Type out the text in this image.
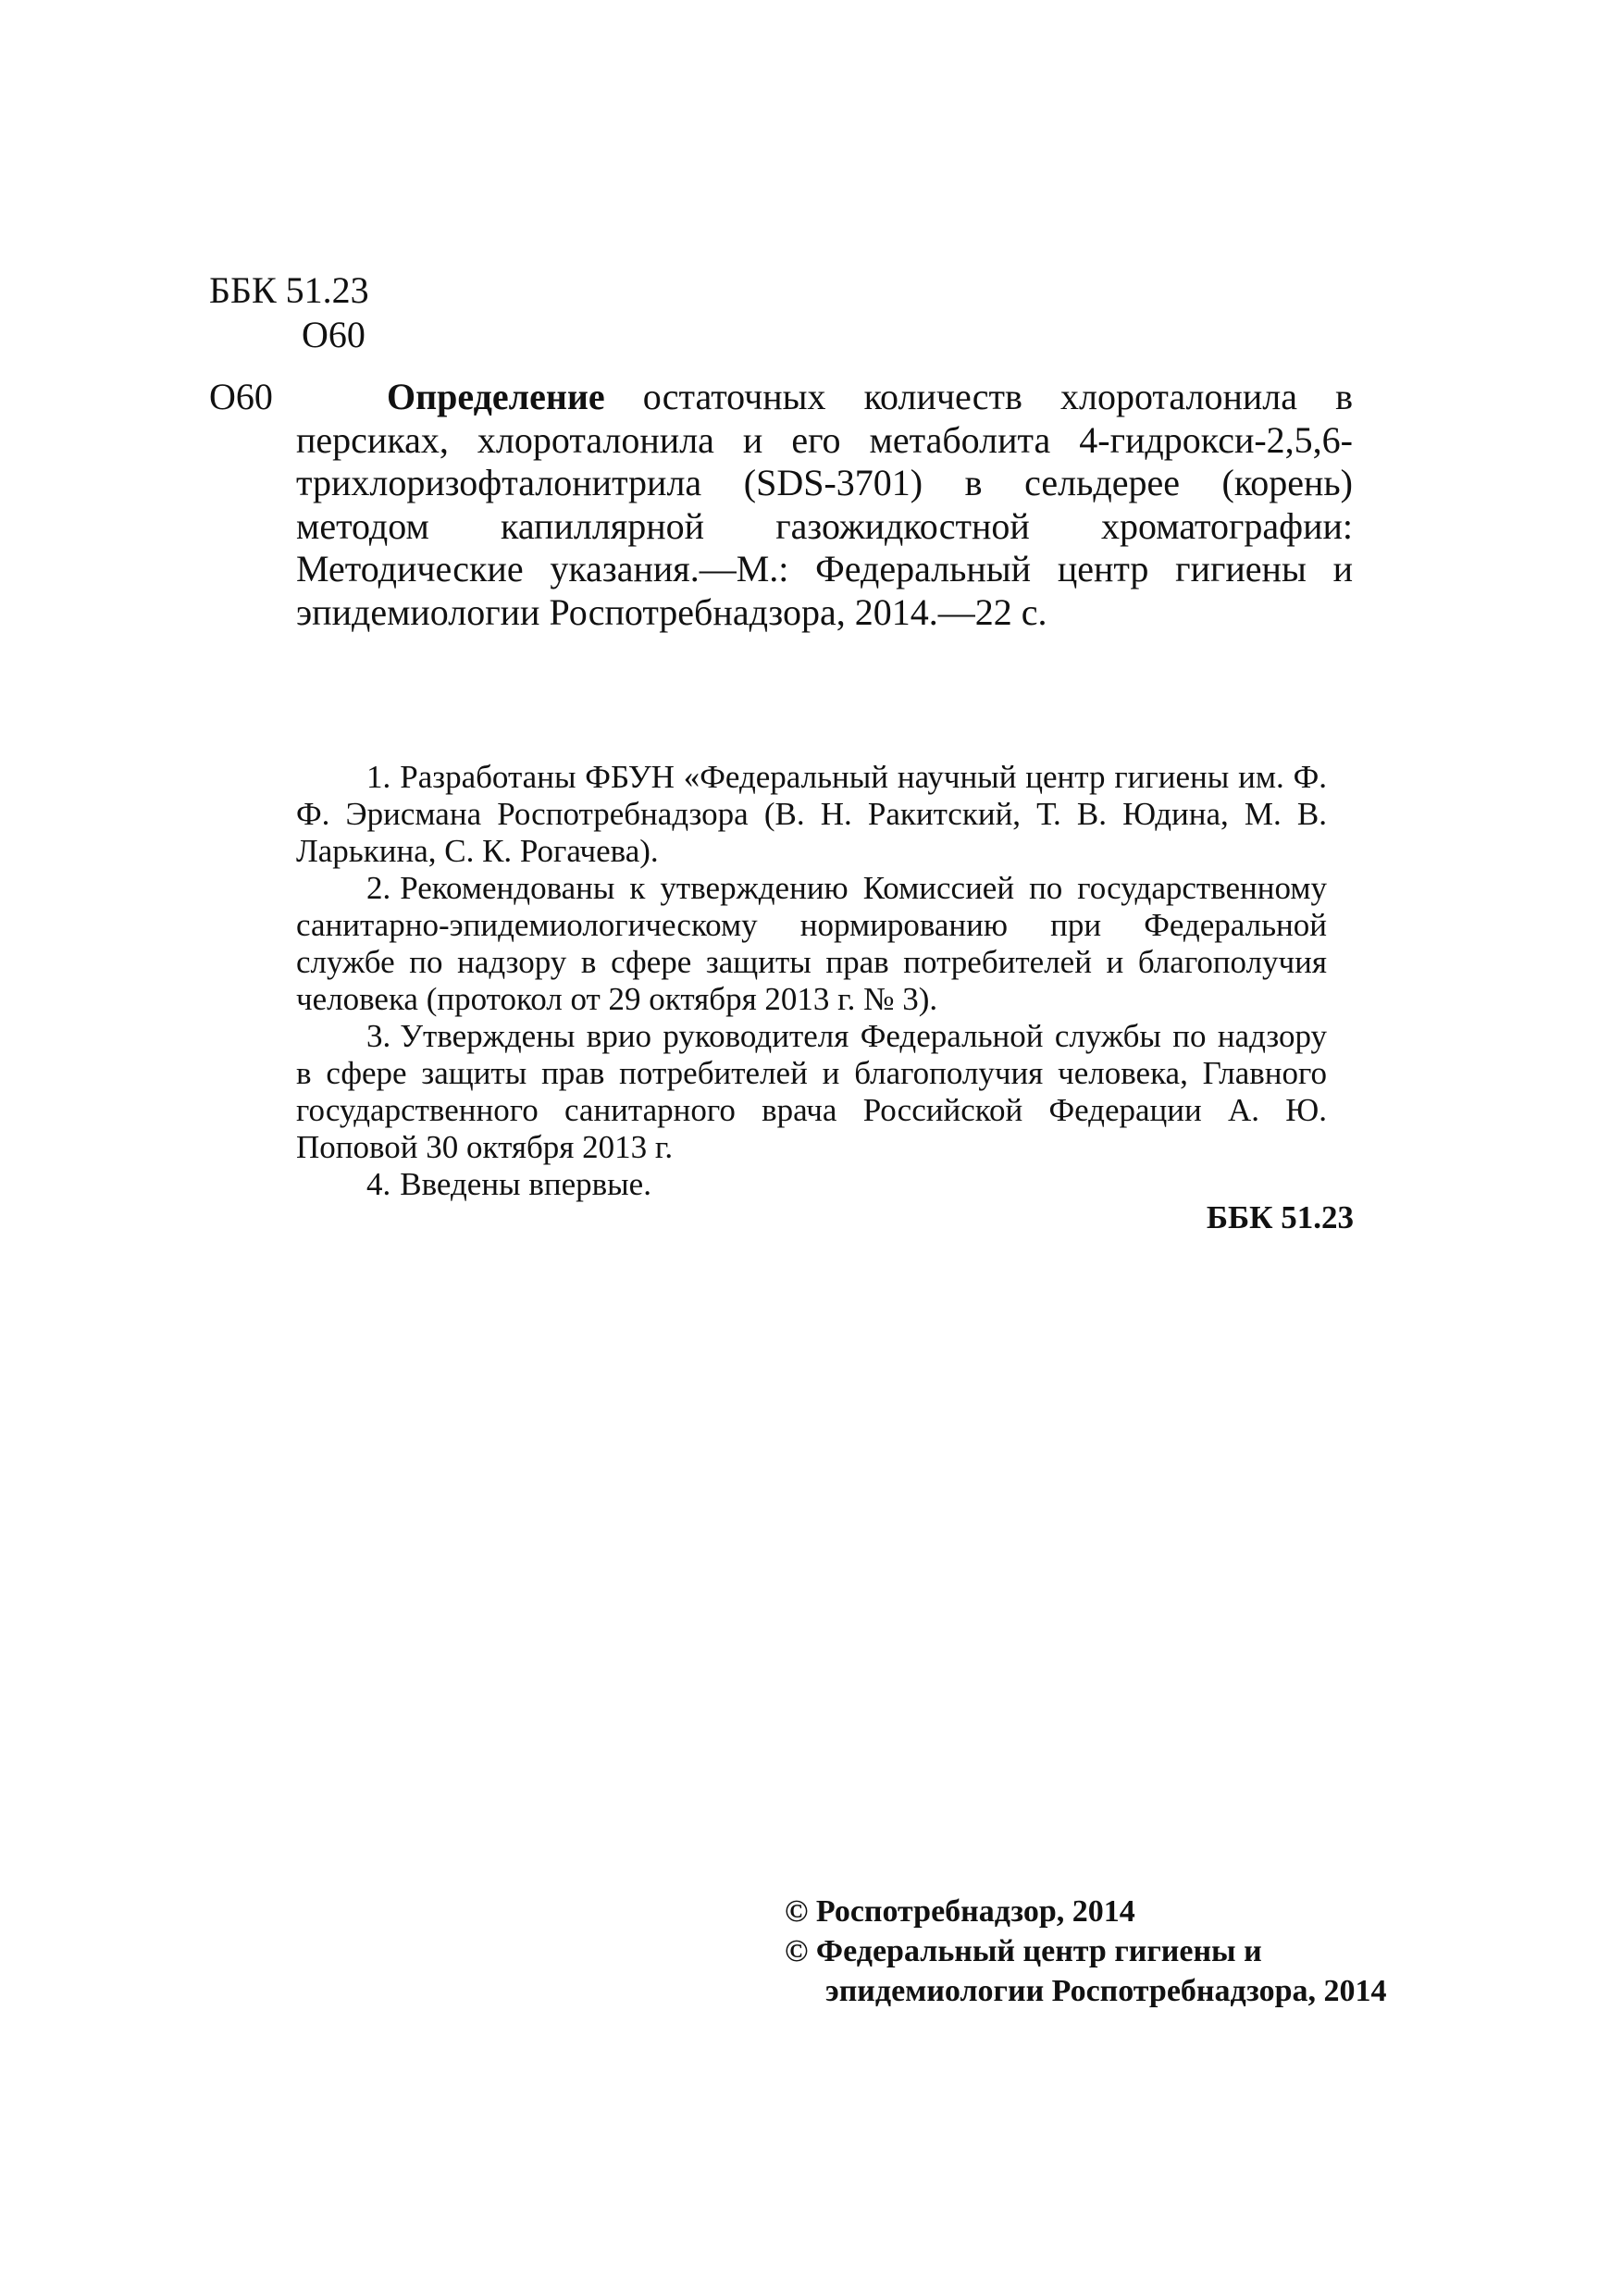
ББК 51.23
О60
О60	Определение остаточных количеств хлороталонила в персиках, хлороталонила и его метаболита 4-гидрокси-2,5,6-трихлоризофталонитрила (SDS-3701) в сельдерее (корень) методом капиллярной газожидкостной хроматографии: Методические указания.—М.: Федеральный центр гигиены и эпидемиологии Роспотребнадзора, 2014.—22 с.

1. Разработаны ФБУН «Федеральный научный центр гигиены им. Ф. Ф. Эрисмана Роспотребнадзора (В. Н. Ракитский, Т. В. Юдина, М. В. Ларькина, С. К. Рогачева).

2. Рекомендованы к утверждению Комиссией по государственному санитарно-эпидемиологическому нормированию при Федеральной службе по надзору в сфере защиты прав потребителей и благополучия человека (протокол от 29 октября 2013 г. № 3).

3. Утверждены врио руководителя Федеральной службы по надзору в сфере защиты прав потребителей и благополучия человека, Главного государственного санитарного врача Российской Федерации А. Ю. Поповой 30 октября 2013 г.

4. Введены впервые.

ББК 51.23

© Роспотребнадзор, 2014
© Федеральный центр гигиены и
эпидемиологии Роспотребнадзора, 2014
